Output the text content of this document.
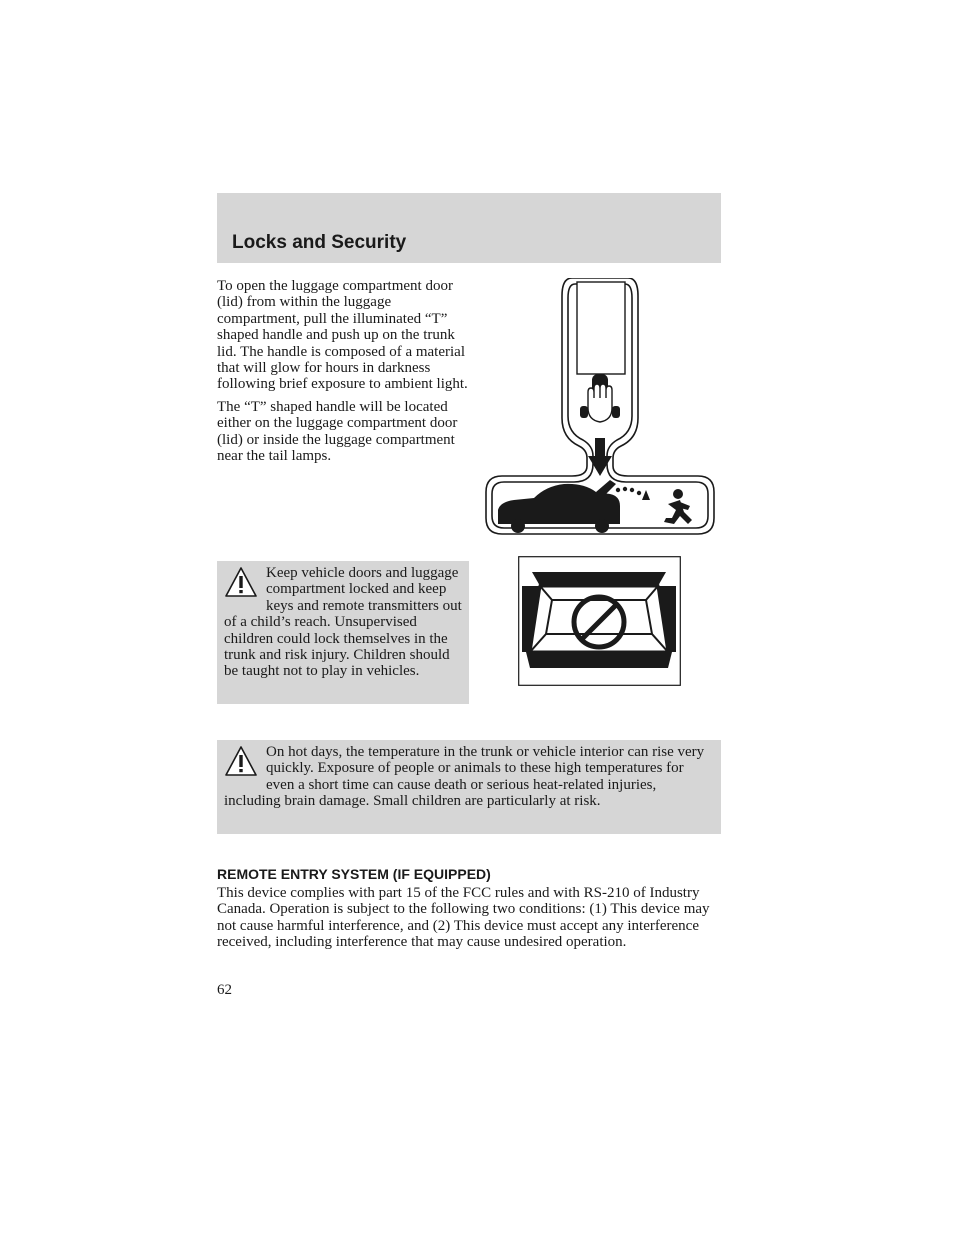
Locks and Security

To open the luggage compartment door (lid) from within the luggage compartment, pull the illuminated “T” shaped handle and push up on the trunk lid. The handle is composed of a material that will glow for hours in darkness following brief exposure to ambient light.

The “T” shaped handle will be located either on the luggage compartment door (lid) or inside the luggage compartment near the tail lamps.

Keep vehicle doors and luggage compartment locked and keep keys and remote transmitters out of a child’s reach. Unsupervised children could lock themselves in the trunk and risk injury. Children should be taught not to play in vehicles.

On hot days, the temperature in the trunk or vehicle interior can rise very quickly. Exposure of people or animals to these high temperatures for even a short time can cause death or serious heat-related injuries, including brain damage. Small children are particularly at risk.

REMOTE ENTRY SYSTEM (IF EQUIPPED)

This device complies with part 15 of the FCC rules and with RS-210 of Industry Canada. Operation is subject to the following two conditions: (1) This device may not cause harmful interference, and (2) This device must accept any interference received, including interference that may cause undesired operation.

62
